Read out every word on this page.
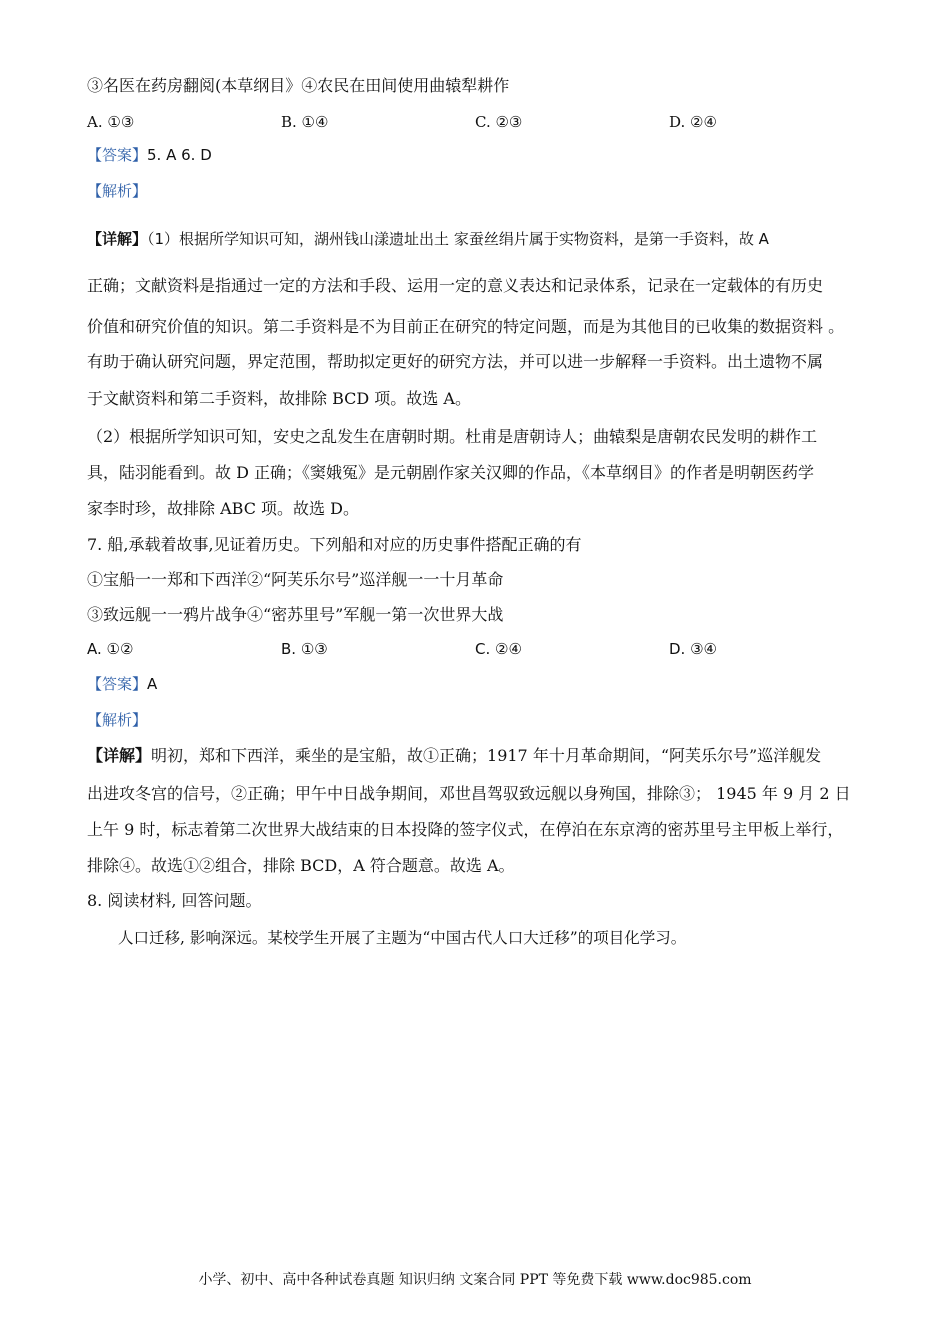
③名医在药房翻阅(本草纲目》④农民在田间使用曲辕犁耕作
A. ①③	B. ①④	C. ②③	D. ②④
【答案】5. A 6. D
【解析】
【详解】（1）根据所学知识可知，湖州钱山漾遗址出土 家蚕丝绢片属于实物资料，是第一手资料，故 A
正确；文献资料是指通过一定的方法和手段、运用一定的意义表达和记录体系，记录在一定载体的有历史
价值和研究价值的知识。第二手资料是不为目前正在研究的特定问题，而是为其他目的已收集的数据资料 。
有助于确认研究问题，界定范围，帮助拟定更好的研究方法，并可以进一步解释一手资料。出土遗物不属
于文献资料和第二手资料，故排除 BCD 项。故选 A。
（2）根据所学知识可知，安史之乱发生在唐朝时期。杜甫是唐朝诗人；曲辕梨是唐朝农民发明的耕作工
具，陆羽能看到。故 D 正确；《窦娥冤》是元朝剧作家关汉卿的作品，《本草纲目》的作者是明朝医药学
家李时珍，故排除 ABC 项。故选 D。
7. 船,承载着故事,见证着历史。下列船和对应的历史事件搭配正确的有
①宝船一一郑和下西洋②“阿芙乐尔号”巡洋舰一一十月革命
③致远舰一一鸦片战争④“密苏里号”军舰一第一次世界大战
A. ①②	B. ①③	C. ②④	D. ③④
【答案】A
【解析】
【详解】明初，郑和下西洋，乘坐的是宝船，故①正确；1917 年十月革命期间，“阿芙乐尔号”巡洋舰发
出进攻冬宫的信号，②正确；甲午中日战争期间，邓世昌驾驭致远舰以身殉国，排除③； 1945 年 9 月 2 日
上午 9 时，标志着第二次世界大战结束的日本投降的签字仪式，在停泊在东京湾的密苏里号主甲板上举行，
排除④。故选①②组合，排除 BCD，A 符合题意。故选 A。
8. 阅读材料, 回答问题。
人口迁移, 影响深远。某校学生开展了主题为“中国古代人口大迁移”的项目化学习。
小学、初中、高中各种试卷真题 知识归纳 文案合同 PPT 等免费下载 www.doc985.com
